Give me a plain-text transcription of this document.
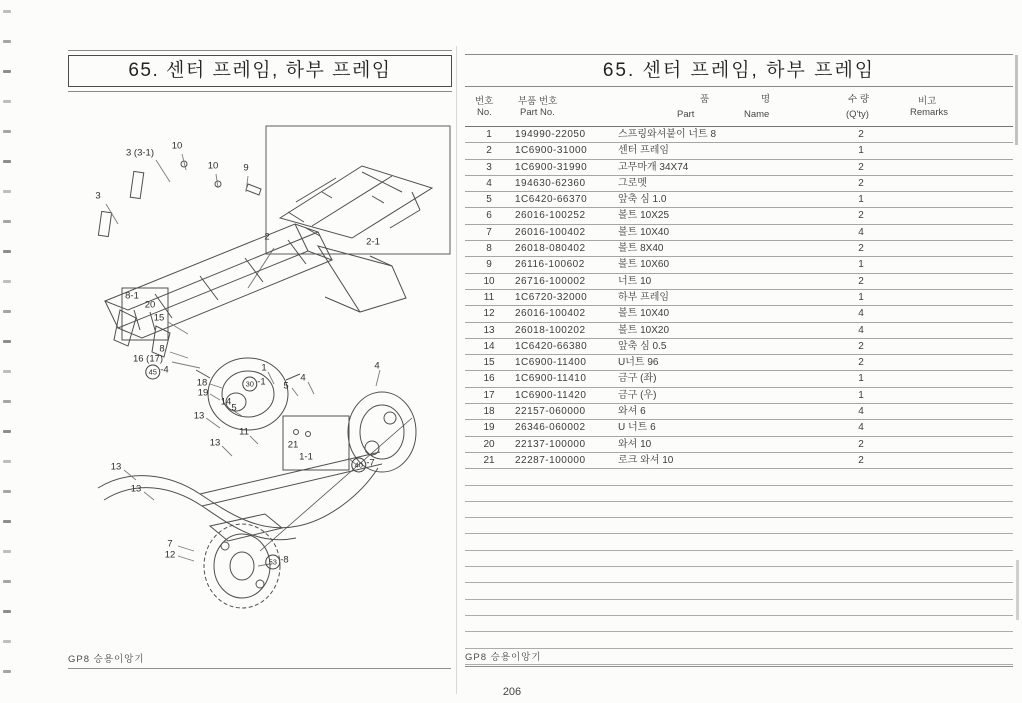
65. 센터 프레임, 하부 프레임
3 (3-1)
10
10	9
3
2	2-1
8-1
20
15
8
16 (17)
45 -4
18
19
13
13
13
13
14
5
1
30 -1
4
4
5
11
21
1-1
7
12
53 -8
40 -7
GP8 승용이앙기
65. 센터 프레임, 하부 프레임
번호
No.
부품 번호
Part No.
품	명
Part	Name
수 량
(Q'ty)
비고
Remarks
1	194990-22050	스프링와셔붙이 너트 8	2
2	1C6900-31000	센터 프레임	1
3	1C6900-31990	고무마개 34X74	2
4	194630-62360	그로멧	2
5	1C6420-66370	앞축 심 1.0	1
6	26016-100252	볼트 10X25	2
7	26016-100402	볼트 10X40	4
8	26018-080402	볼트 8X40	2
9	26116-100602	볼트 10X60	1
10	26716-100002	너트 10	2
11	1C6720-32000	하부 프레임	1
12	26016-100402	볼트 10X40	4
13	26018-100202	볼트 10X20	4
14	1C6420-66380	앞축 심 0.5	2
15	1C6900-11400	U너트 96	2
16	1C6900-11410	금구 (좌)	1
17	1C6900-11420	금구 (우)	1
18	22157-060000	와셔 6	4
19	26346-060002	U 너트 6	4
20	22137-100000	와셔 10	2
21	22287-100000	로크 와셔 10	2
GP8 승용이앙기
206
